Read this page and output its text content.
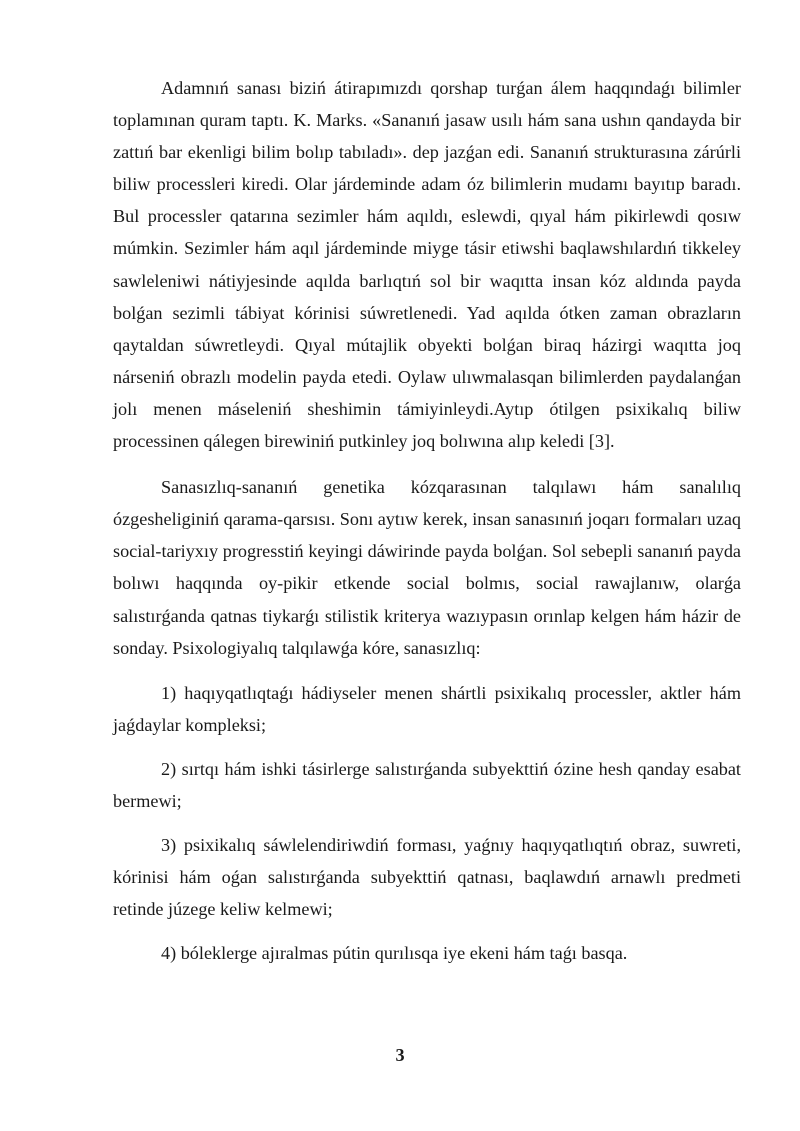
Adamnıń sanası biziń átirapımızdı qorshap turǵan álem haqqındaǵı bilimler toplamınan quram taptı. K. Marks. «Sananıń jasaw usılı hám sana ushın qandayda bir zattıń bar ekenligi bilim bolıp tabıladı». dep jazǵan edi. Sananıń strukturasına zárúrli biliw processleri kiredi. Olar járdeminde adam óz bilimlerin mudamı bayıtıp baradı. Bul processler qatarına sezimler hám aqıldı, eslewdi, qıyal hám pikirlewdi qosıw múmkin. Sezimler hám aqıl járdeminde miyge tásir etiwshi baqlawshılardıń tikkeley sawleleniwi nátiyjesinde aqılda barlıqtıń sol bir waqıtta insan kóz aldında payda bolǵan sezimli tábiyat kórinisi súwretlenedi. Yad aqılda ótken zaman obrazların qaytaldan súwretleydi. Qıyal mútajlik obyekti bolǵan biraq házirgi waqıtta joq nárseniń obrazlı modelin payda etedi. Oylaw ulıwmalasqan bilimlerden paydalanǵan jolı menen máseleniń sheshimin támiyinleydi.Aytıp ótilgen psixikalıq biliw processinen qálegen birewiniń putkinley joq bolıwına alıp keledi [3].

Sanasızlıq-sananıń genetika kózqarasınan talqılawı hám sanalılıq ózgesheliginiń qarama-qarsısı. Sonı aytıw kerek, insan sanasınıń joqarı formaları uzaq social-tariyxıy progresstiń keyingi dáwirinde payda bolǵan. Sol sebepli sananıń payda bolıwı haqqında oy-pikir etkende social bolmıs, social rawajlanıw, olarǵa salıstırǵanda qatnas tiykarǵı stilistik kriterya wazıypasın orınlap kelgen hám házir de sonday. Psixologiyalıq talqılawǵa kóre, sanasızlıq:

1) haqıyqatlıqtaǵı hádiyseler menen shártli psixikalıq processler, aktler hám jaǵdaylar kompleksi;

2) sırtqı hám ishki tásirlerge salıstırǵanda subyekttiń ózine hesh qanday esabat bermewi;

3) psixikalıq sáwlelendiriwdiń forması, yaǵnıy haqıyqatlıqtıń obraz, suwreti, kórinisi hám oǵan salıstırǵanda subyekttiń qatnası, baqlawdıń arnawlı predmeti retinde júzege keliw kelmewi;

4) bóleklerge ajıralmas pútin qurılısqa iye ekeni hám taǵı basqa.

3
